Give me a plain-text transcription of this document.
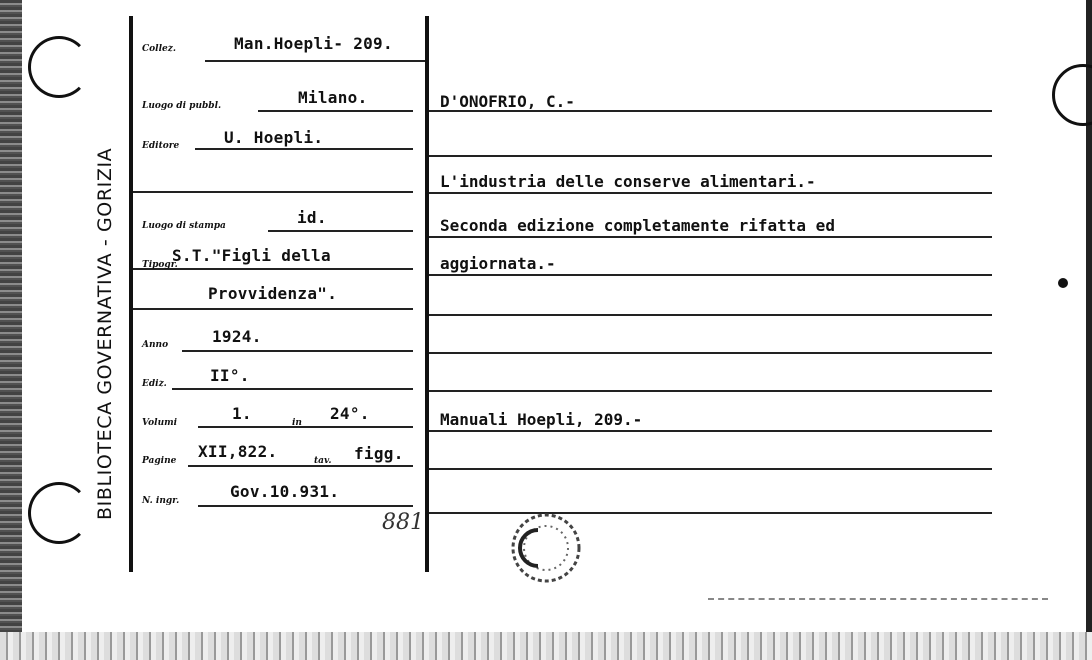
BIBLIOTECA GOVERNATIVA - GORIZIA
Collez.	Man.Hoepli- 209.
Luogo di pubbl.	Milano.
Editore	U. Hoepli.
Luogo di stampa	id.
Tipogr.
S.T."Figli della
Provvidenza".
Anno	1924.
Ediz.	II°.
Volumi	1.	in 24°.
Pagine XII,822.	tav. figg.
N. ingr.	Gov.10.931.
881
D'ONOFRIO, C.-
L'industria delle conserve alimentari.-
Seconda edizione completamente rifatta ed
aggiornata.-
Manuali Hoepli, 209.-
